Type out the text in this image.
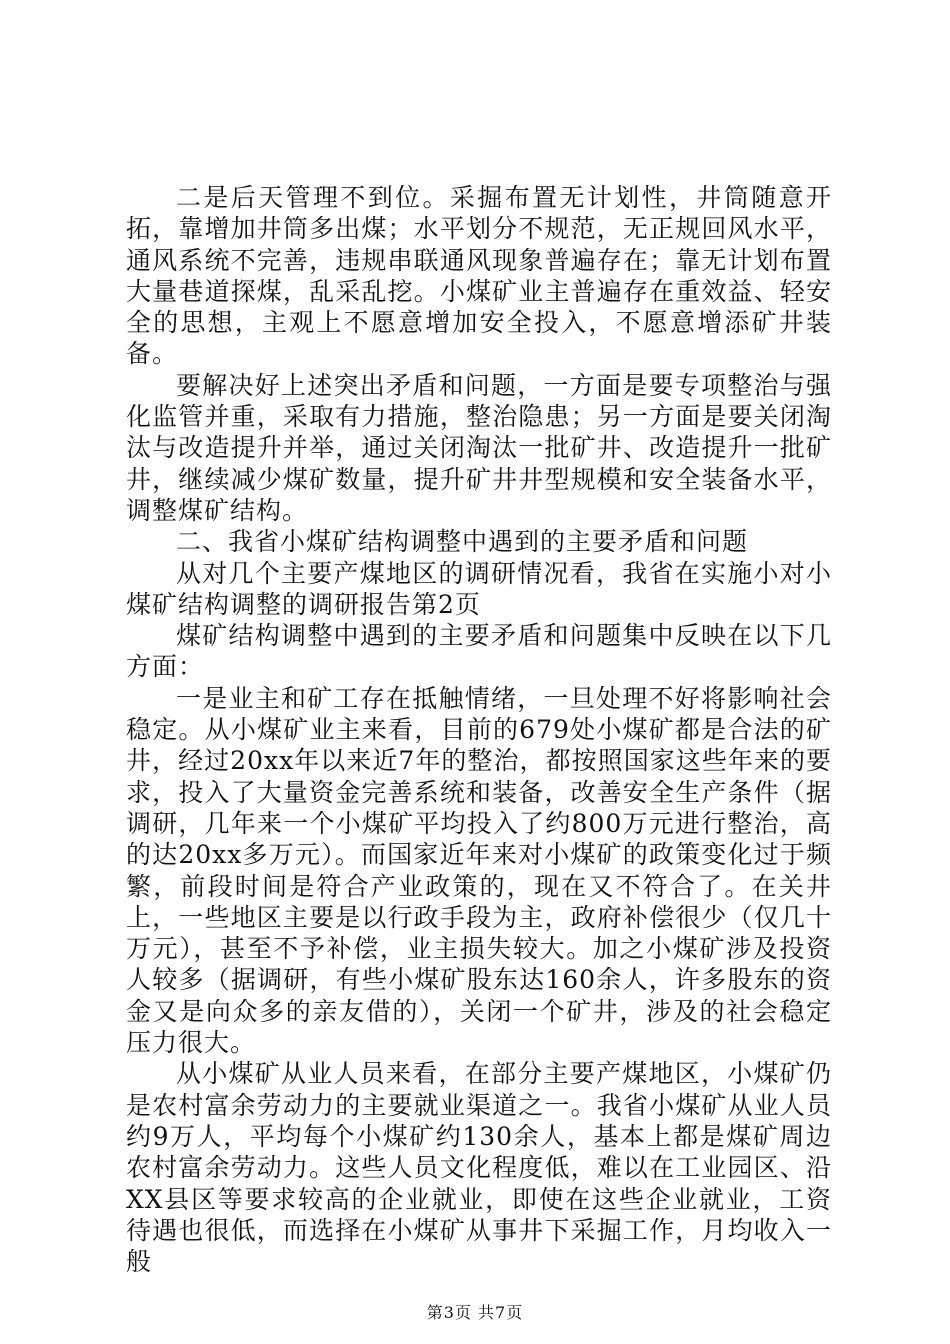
二是后天管理不到位。采掘布置无计划性，井筒随意开拓，靠增加井筒多出煤；水平划分不规范，无正规回风水平，通风系统不完善，违规串联通风现象普遍存在；靠无计划布置大量巷道探煤，乱采乱挖。小煤矿业主普遍存在重效益、轻安全的思想，主观上不愿意增加安全投入，不愿意增添矿井装备。

要解决好上述突出矛盾和问题，一方面是要专项整治与强化监管并重，采取有力措施，整治隐患；另一方面是要关闭淘汰与改造提升并举，通过关闭淘汰一批矿井、改造提升一批矿井，继续减少煤矿数量，提升矿井井型规模和安全装备水平，调整煤矿结构。

二、我省小煤矿结构调整中遇到的主要矛盾和问题

从对几个主要产煤地区的调研情况看，我省在实施小对小煤矿结构调整的调研报告第2页

煤矿结构调整中遇到的主要矛盾和问题集中反映在以下几方面：

一是业主和矿工存在抵触情绪，一旦处理不好将影响社会稳定。从小煤矿业主来看，目前的679处小煤矿都是合法的矿井，经过20xx年以来近7年的整治，都按照国家这些年来的要求，投入了大量资金完善系统和装备，改善安全生产条件（据调研，几年来一个小煤矿平均投入了约800万元进行整治，高的达20xx多万元）。而国家近年来对小煤矿的政策变化过于频繁，前段时间是符合产业政策的，现在又不符合了。在关井上，一些地区主要是以行政手段为主，政府补偿很少（仅几十万元），甚至不予补偿，业主损失较大。加之小煤矿涉及投资人较多（据调研，有些小煤矿股东达160余人，许多股东的资金又是向众多的亲友借的），关闭一个矿井，涉及的社会稳定压力很大。

从小煤矿从业人员来看，在部分主要产煤地区，小煤矿仍是农村富余劳动力的主要就业渠道之一。我省小煤矿从业人员约9万人，平均每个小煤矿约130余人，基本上都是煤矿周边农村富余劳动力。这些人员文化程度低，难以在工业园区、沿XX县区等要求较高的企业就业，即使在这些企业就业，工资待遇也很低，而选择在小煤矿从事井下采掘工作，月均收入一般

第3页 共7页
